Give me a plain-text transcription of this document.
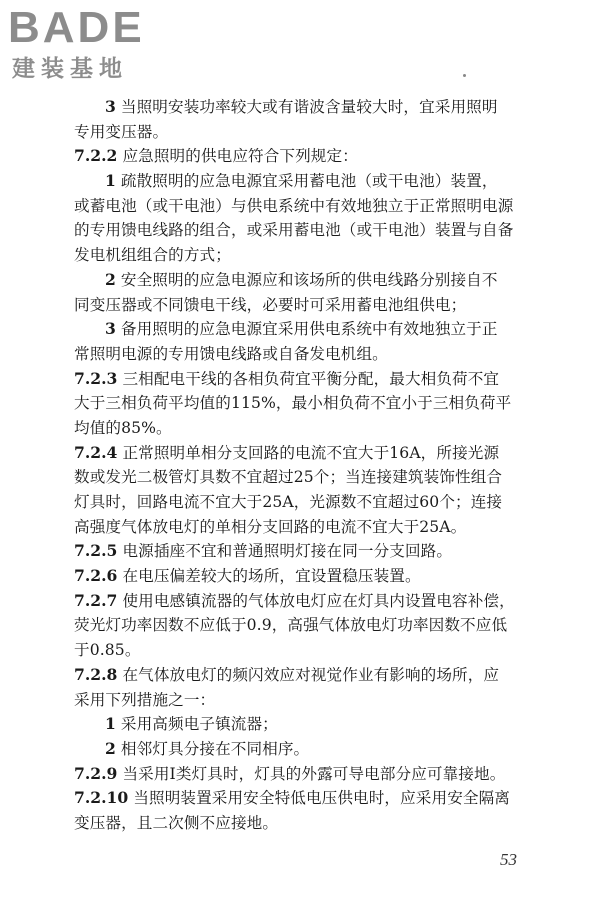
BADE
建装基地
3 当照明安装功率较大或有谐波含量较大时，宜采用照明
专用变压器。
7.2.2 应急照明的供电应符合下列规定：
1 疏散照明的应急电源宜采用蓄电池（或干电池）装置，
或蓄电池（或干电池）与供电系统中有效地独立于正常照明电源
的专用馈电线路的组合，或采用蓄电池（或干电池）装置与自备
发电机组组合的方式；
2 安全照明的应急电源应和该场所的供电线路分别接自不
同变压器或不同馈电干线，必要时可采用蓄电池组供电；
3 备用照明的应急电源宜采用供电系统中有效地独立于正
常照明电源的专用馈电线路或自备发电机组。
7.2.3 三相配电干线的各相负荷宜平衡分配，最大相负荷不宜
大于三相负荷平均值的115%，最小相负荷不宜小于三相负荷平
均值的85%。
7.2.4 正常照明单相分支回路的电流不宜大于16A，所接光源
数或发光二极管灯具数不宜超过25个；当连接建筑装饰性组合
灯具时，回路电流不宜大于25A，光源数不宜超过60个；连接
高强度气体放电灯的单相分支回路的电流不宜大于25A。
7.2.5 电源插座不宜和普通照明灯接在同一分支回路。
7.2.6 在电压偏差较大的场所，宜设置稳压装置。
7.2.7 使用电感镇流器的气体放电灯应在灯具内设置电容补偿，
荧光灯功率因数不应低于0.9，高强气体放电灯功率因数不应低
于0.85。
7.2.8 在气体放电灯的频闪效应对视觉作业有影响的场所，应
采用下列措施之一：
1 采用高频电子镇流器；
2 相邻灯具分接在不同相序。
7.2.9 当采用Ⅰ类灯具时，灯具的外露可导电部分应可靠接地。
7.2.10 当照明装置采用安全特低电压供电时，应采用安全隔离
变压器，且二次侧不应接地。
53
